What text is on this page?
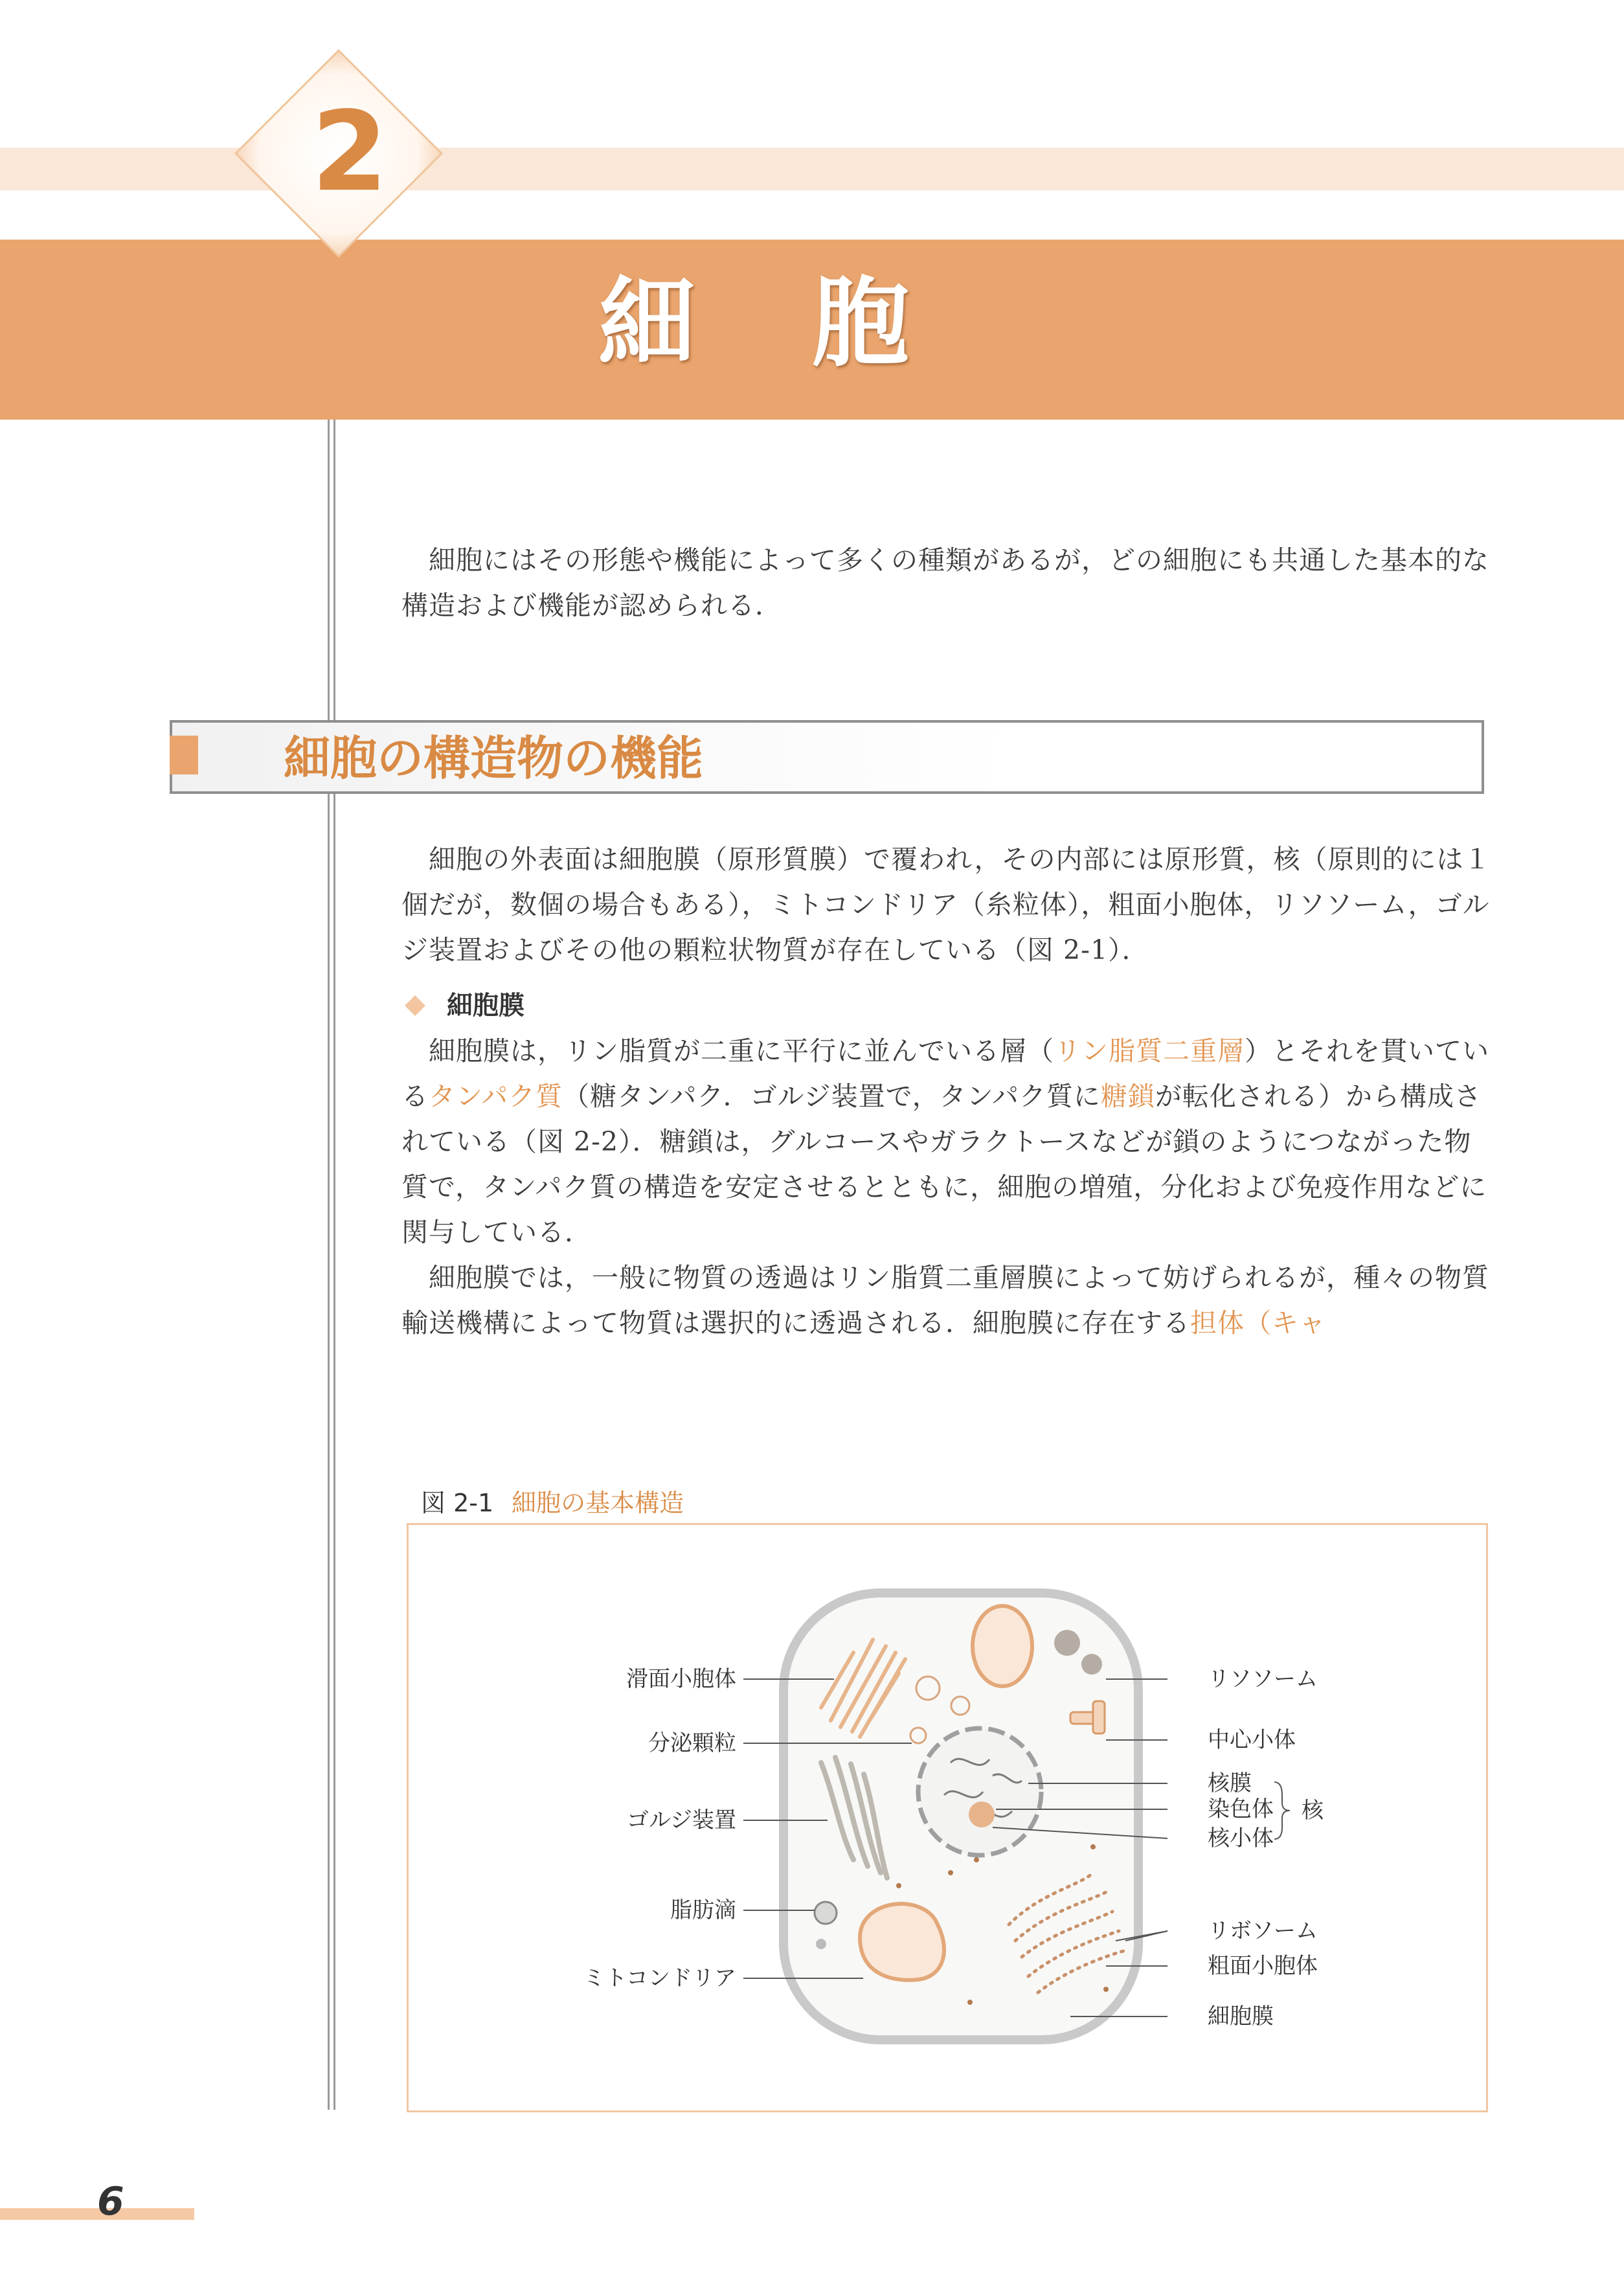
2
細胞
細胞にはその形態や機能によって多くの種類があるが，どの細胞にも共通した基本的な構造および機能が認められる．
細胞の構造物の機能
細胞の外表面は細胞膜（原形質膜）で覆われ，その内部には原形質，核（原則的には１個だが，数個の場合もある），ミトコンドリア（糸粒体），粗面小胞体，リソソーム，ゴルジ装置およびその他の顆粒状物質が存在している（図 2-1）．
細胞膜
細胞膜は，リン脂質が二重に平行に並んでいる層（リン脂質二重層）とそれを貫いているタンパク質（糖タンパク．ゴルジ装置で，タンパク質に糖鎖が転化される）から構成されている（図 2-2）．糖鎖は，グルコースやガラクトースなどが鎖のようにつながった物質で，タンパク質の構造を安定させるとともに，細胞の増殖，分化および免疫作用などに関与している．
細胞膜では，一般に物質の透過はリン脂質二重層膜によって妨げられるが，種々の物質輸送機構によって物質は選択的に透過される．細胞膜に存在する担体（キャ
図 2-1 細胞の基本構造
滑面小胞体
分泌顆粒
ゴルジ装置
脂肪滴
ミトコンドリア
リソソーム
中心小体
核膜
染色体
核小体
核
リボソーム
粗面小胞体
細胞膜
6
